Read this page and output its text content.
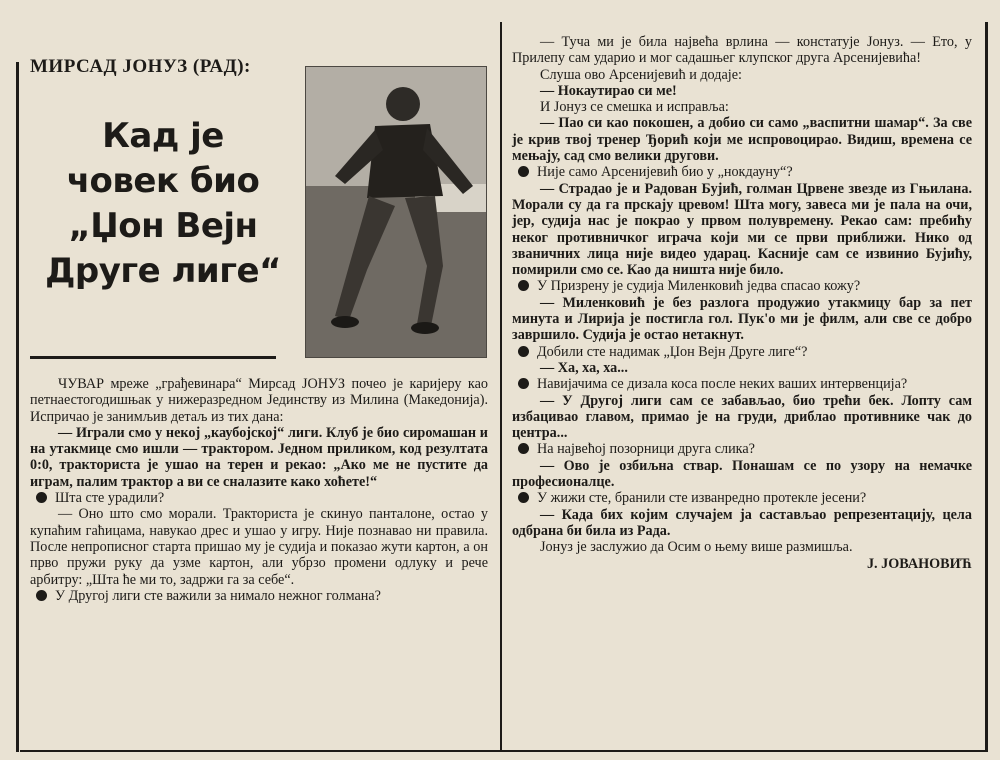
МИРСАД ЈОНУЗ (РАД):
Кад је
човек био
„Џон Вејн
Друге лиге“

ЧУВАР мреже „грађевинара“ Мирсад ЈОНУЗ почео је каријеру као петнаестогодишњак у нижеразредном Јединству из Милина (Македонија). Испричао је занимљив детаљ из тих дана:

— Играли смо у некој „каубојској“ лиги. Клуб је био сиромашан и на утакмице смо ишли — трактором. Једном приликом, код резултата 0:0, тракториста је ушао на терен и рекао: „Ако ме не пустите да играм, палим трактор а ви се сналазите како хоћете!“

Шта сте урадили?

— Оно што смо морали. Тракториста је скинуо панталоне, остао у купаћим гаћицама, навукао дрес и ушао у игру. Није познавао ни правила. После непрописног старта пришао му је судија и показао жути картон, а он прво пружи руку да узме картон, али убрзо промени одлуку и рече арбитру: „Шта ће ми то, задржи га за себе“.

У Другој лиги сте важили за нимало нежног голмана?

— Туча ми је била највећа врлина — констатује Јонуз. — Ето, у Прилепу сам ударио и мог садашњег клупског друга Арсенијевића!

Слуша ово Арсенијевић и додаје:

— Нокаутирао си ме!

И Јонуз се смешка и исправља:

— Пао си као покошен, а добио си само „васпитни шамар“. За све је крив твој тренер Ђорић који ме испровоцирао. Видиш, времена се мењају, сад смо велики другови.

Није само Арсенијевић био у „нокдауну“?

— Страдао је и Радован Бујић, голман Црвене звезде из Гњилана. Морали су да га прскају цревом! Шта могу, завеса ми је пала на очи, јер, судија нас је покрао у првом полувремену. Рекао сам: пребићу неког противничког играча који ми се први приближи. Нико од званичних лица није видео ударац. Касније сам се извинио Бујићу, помирили смо се. Као да ништа није било.

У Призрену је судија Миленковић једва спасао кожу?

— Миленковић је без разлога продужио утакмицу бар за пет минута и Лирија је постигла гол. Пук'о ми је филм, али све се добро завршило. Судија је остао нетакнут.

Добили сте надимак „Џон Вејн Друге лиге“?

— Ха, ха, ха...

Навијачима се дизала коса после неких ваших интервенција?

— У Другој лиги сам се забављао, био трећи бек. Лопту сам избацивао главом, примао је на груди, дриблао противнике чак до центра...

На највећој позорници друга слика?

— Ово је озбиљна ствар. Понашам се по узору на немачке професионалце.

У жижи сте, бранили сте изванредно протекле јесени?

— Када бих којим случајем ја састављао репрезентацију, цела одбрана би била из Рада.

Јонуз је заслужио да Осим о њему више размишља.

Ј. ЈОВАНОВИЋ
